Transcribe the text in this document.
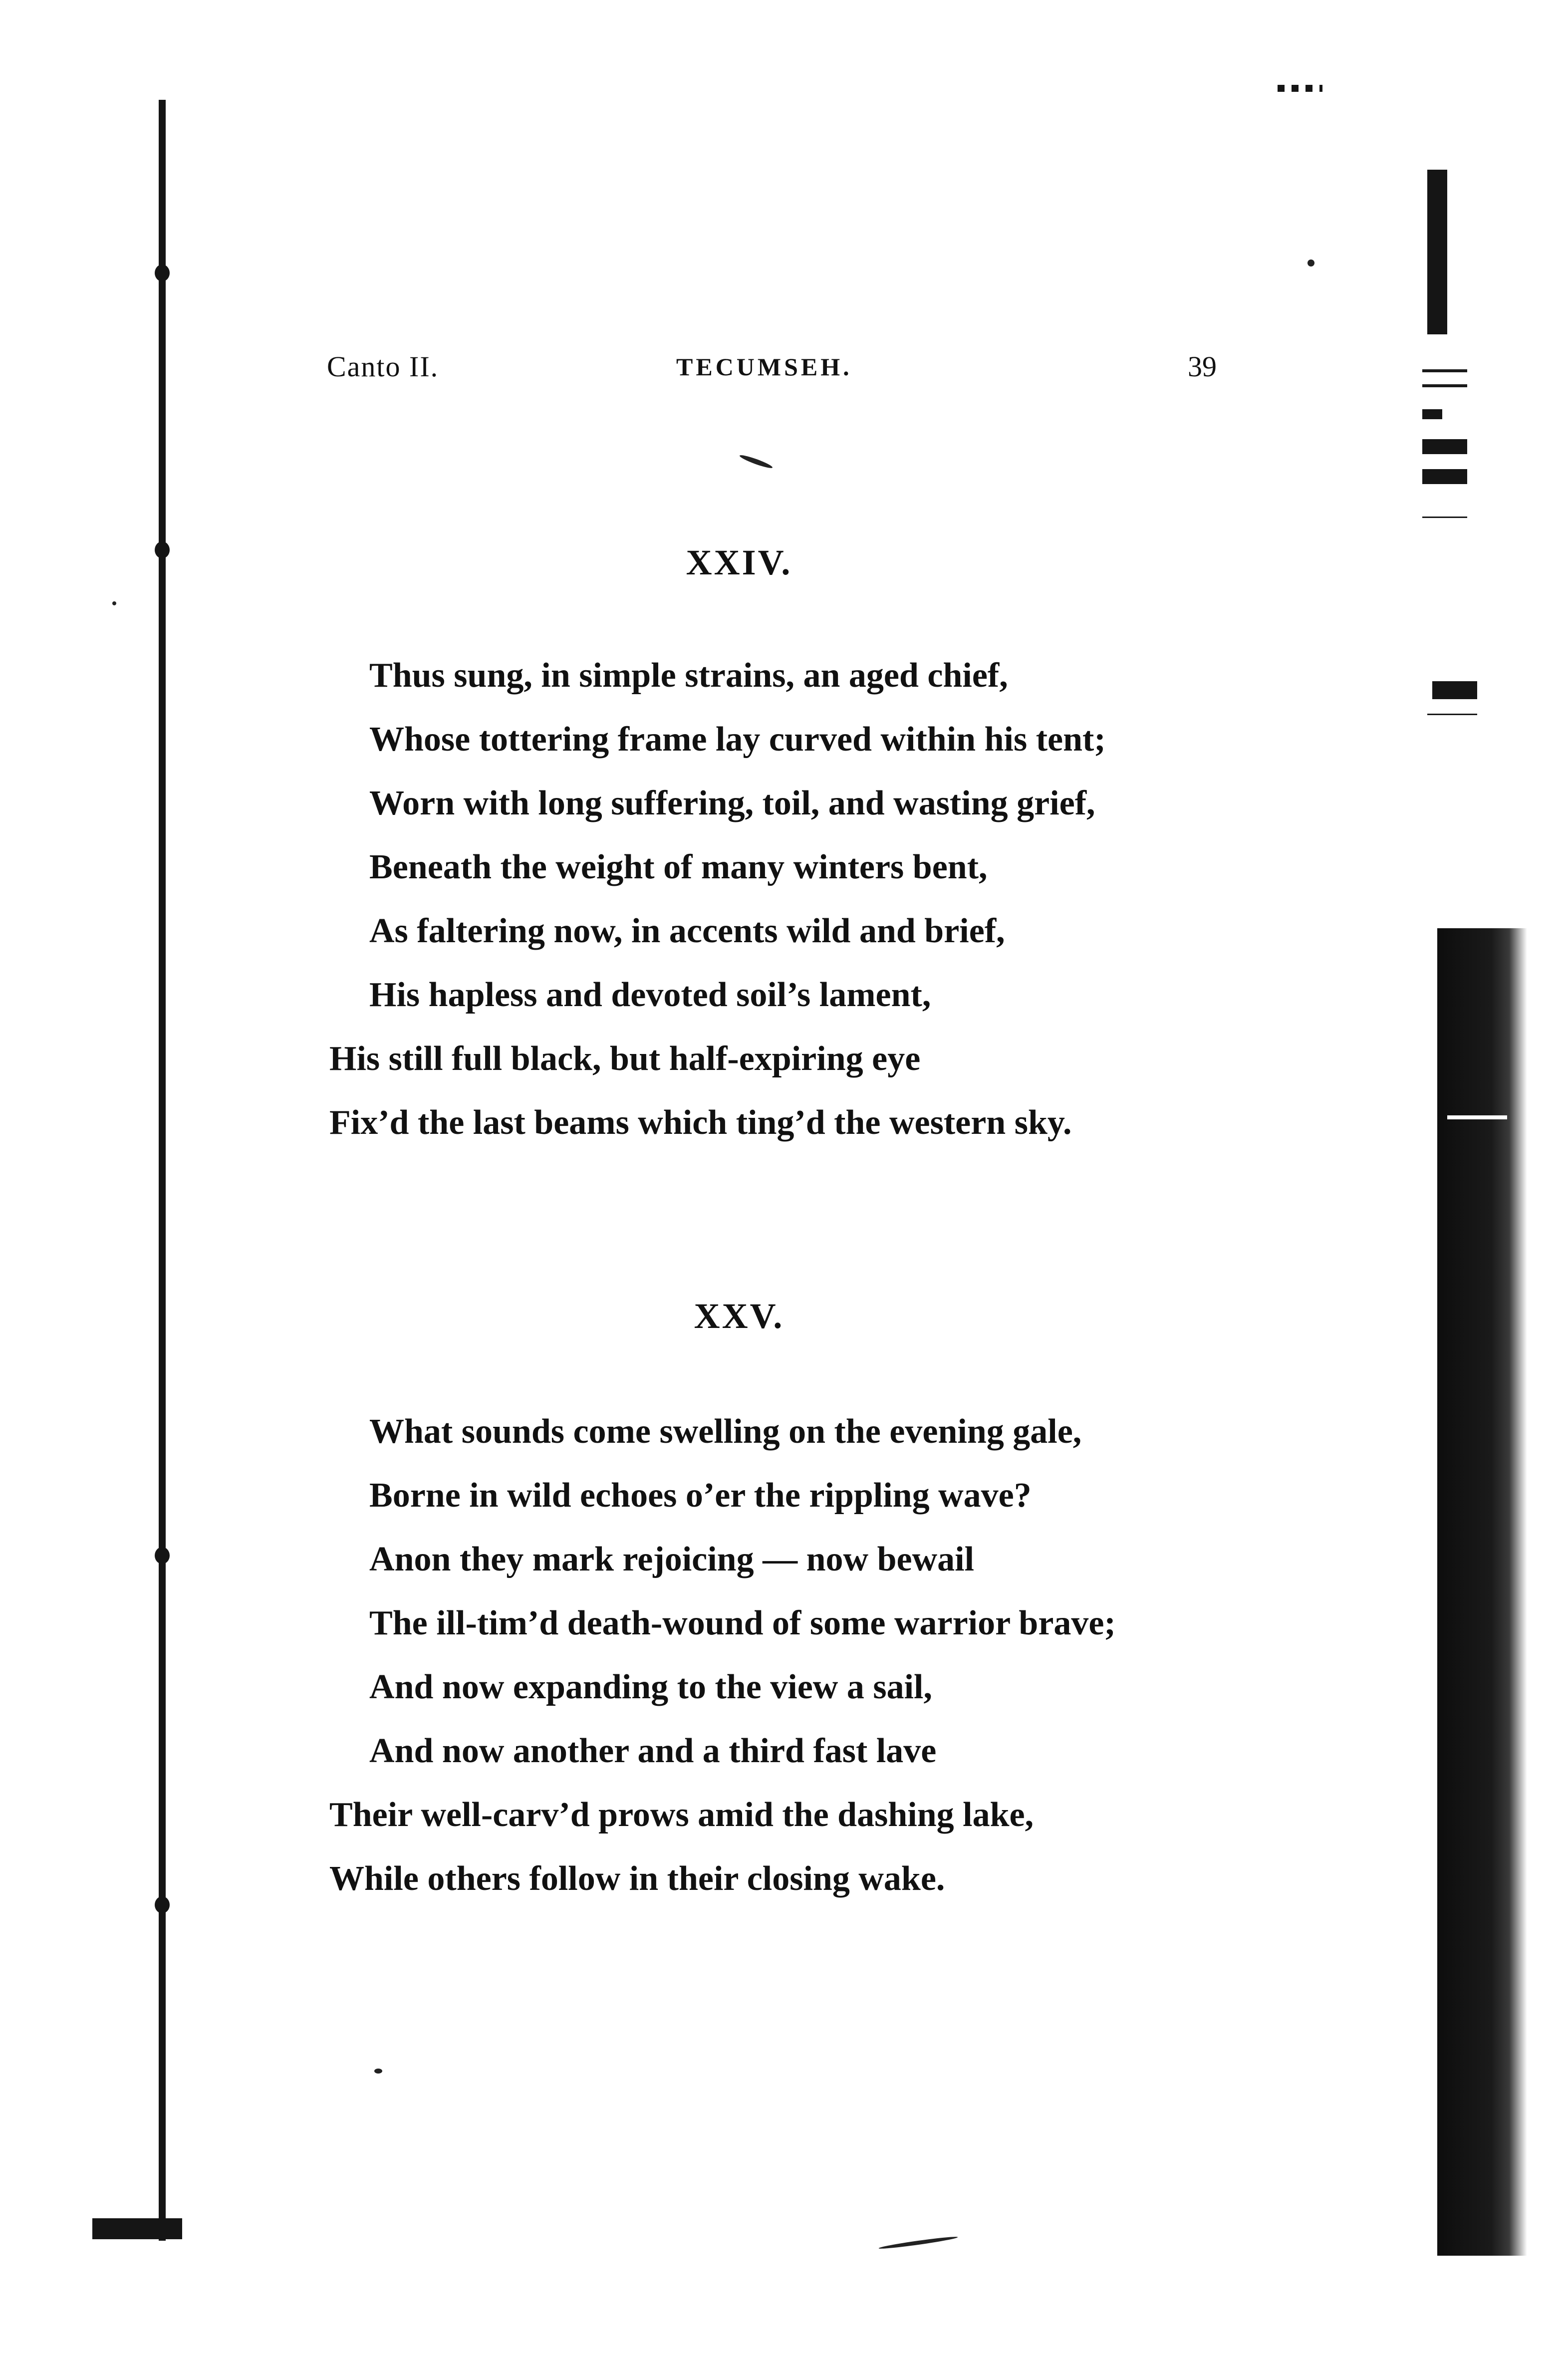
Canto II.	TECUMSEH.	39
XXIV.
Thus sung, in simple strains, an aged chief,
Whose tottering frame lay curved within his tent;
Worn with long suffering, toil, and wasting grief,
Beneath the weight of many winters bent,
As faltering now, in accents wild and brief,
His hapless and devoted soil’s lament,
His still full black, but half-expiring eye
Fix’d the last beams which ting’d the western sky.
XXV.
What sounds come swelling on the evening gale,
Borne in wild echoes o’er the rippling wave?
Anon they mark rejoicing — now bewail
The ill-tim’d death-wound of some warrior brave;
And now expanding to the view a sail,
And now another and a third fast lave
Their well-carv’d prows amid the dashing lake,
While others follow in their closing wake.
